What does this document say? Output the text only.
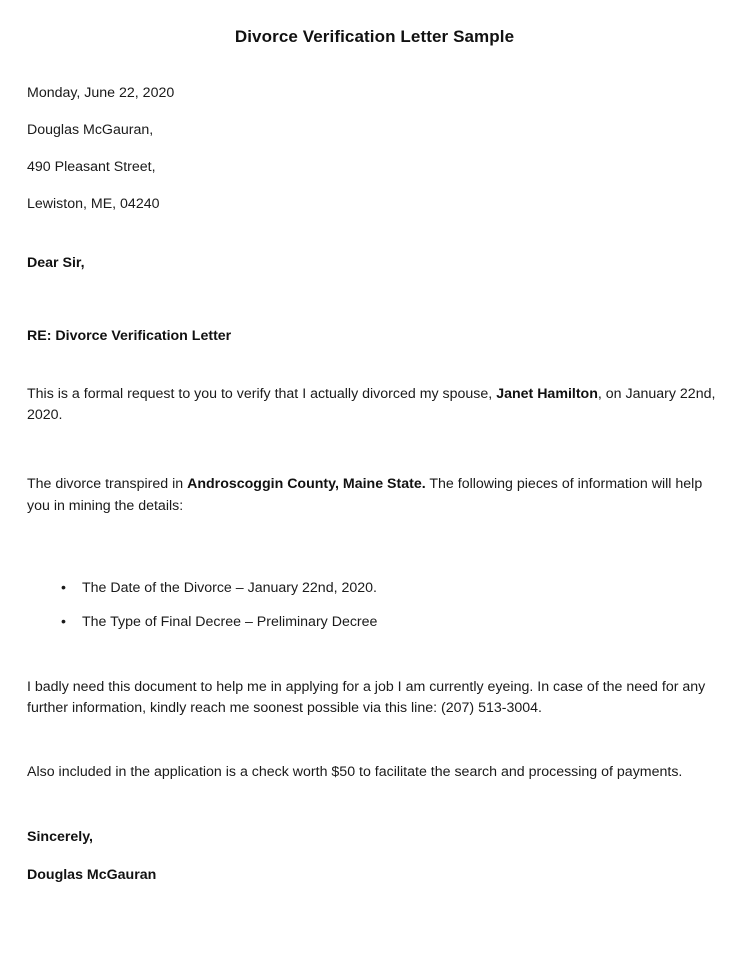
Divorce Verification Letter Sample
Monday, June 22, 2020
Douglas McGauran,
490 Pleasant Street,
Lewiston, ME, 04240
Dear Sir,
RE: Divorce Verification Letter

This is a formal request to you to verify that I actually divorced my spouse, Janet Hamilton, on January 22nd, 2020.

The divorce transpired in Androscoggin County, Maine State. The following pieces of information will help you in mining the details:

• The Date of the Divorce – January 22nd, 2020.
• The Type of Final Decree – Preliminary Decree

I badly need this document to help me in applying for a job I am currently eyeing. In case of the need for any further information, kindly reach me soonest possible via this line: (207) 513-3004.

Also included in the application is a check worth $50 to facilitate the search and processing of payments.

Sincerely,
Douglas McGauran
